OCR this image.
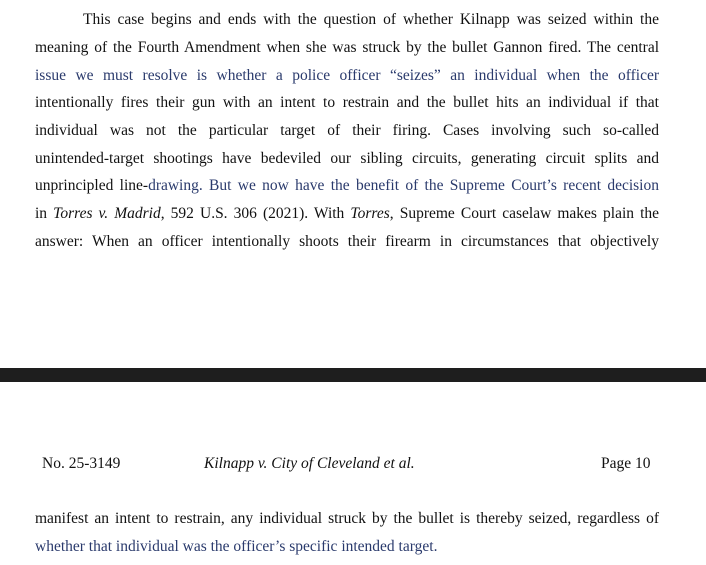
This case begins and ends with the question of whether Kilnapp was seized within the
meaning of the Fourth Amendment when she was struck by the bullet Gannon fired. The central
issue we must resolve is whether a police officer “seizes” an individual when the officer
intentionally fires their gun with an intent to restrain and the bullet hits an individual if that
individual was not the particular target of their firing. Cases involving such so-called
unintended-target shootings have bedeviled our sibling circuits, generating circuit splits and
unprincipled line-drawing. But we now have the benefit of the Supreme Court’s recent decision
in Torres v. Madrid, 592 U.S. 306 (2021). With Torres, Supreme Court caselaw makes plain the
answer: When an officer intentionally shoots their firearm in circumstances that objectively
No. 25-3149	Kilnapp v. City of Cleveland et al.	Page 10
manifest an intent to restrain, any individual struck by the bullet is thereby seized, regardless of
whether that individual was the officer’s specific intended target.
